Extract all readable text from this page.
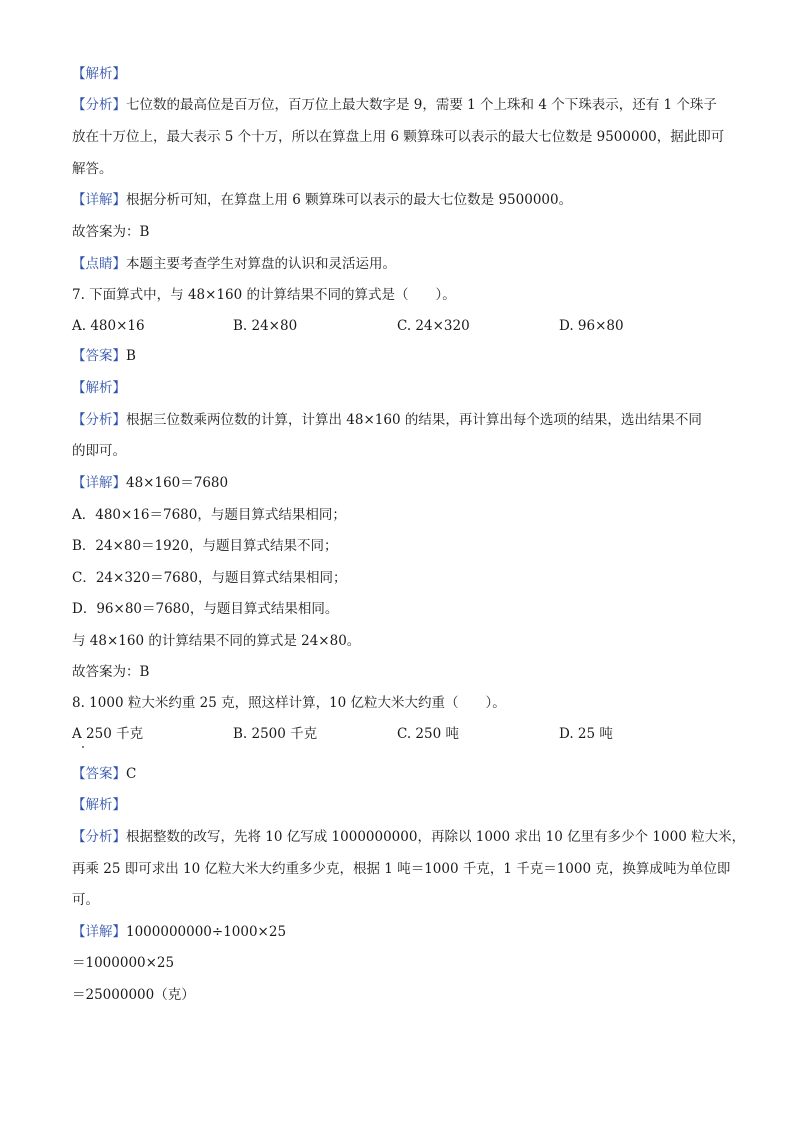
【解析】
【分析】七位数的最高位是百万位，百万位上最大数字是 9，需要 1 个上珠和 4 个下珠表示，还有 1 个珠子
放在十万位上，最大表示 5 个十万，所以在算盘上用 6 颗算珠可以表示的最大七位数是 9500000，据此即可
解答。
【详解】根据分析可知，在算盘上用 6 颗算珠可以表示的最大七位数是 9500000。
故答案为：B
【点睛】本题主要考查学生对算盘的认识和灵活运用。
7. 下面算式中，与 48×160 的计算结果不同的算式是（　　）。
A. 480×16	B. 24×80	C. 24×320	D. 96×80
【答案】B
【解析】
【分析】根据三位数乘两位数的计算，计算出 48×160 的结果，再计算出每个选项的结果，选出结果不同
的即可。
【详解】48×160＝7680
A．480×16＝7680，与题目算式结果相同；
B．24×80＝1920，与题目算式结果不同；
C．24×320＝7680，与题目算式结果相同；
D．96×80＝7680，与题目算式结果相同。
与 48×160 的计算结果不同的算式是 24×80。
故答案为：B
8. 1000 粒大米约重 25 克，照这样计算，10 亿粒大米大约重（　　）。
A 250 千克	B. 2500 千克	C. 250 吨	D. 25 吨
【答案】C
【解析】
【分析】根据整数的改写，先将 10 亿写成 1000000000，再除以 1000 求出 10 亿里有多少个 1000 粒大米，
再乘 25 即可求出 10 亿粒大米大约重多少克，根据 1 吨＝1000 千克，1 千克＝1000 克，换算成吨为单位即
可。
【详解】1000000000÷1000×25
＝1000000×25
＝25000000（克）
